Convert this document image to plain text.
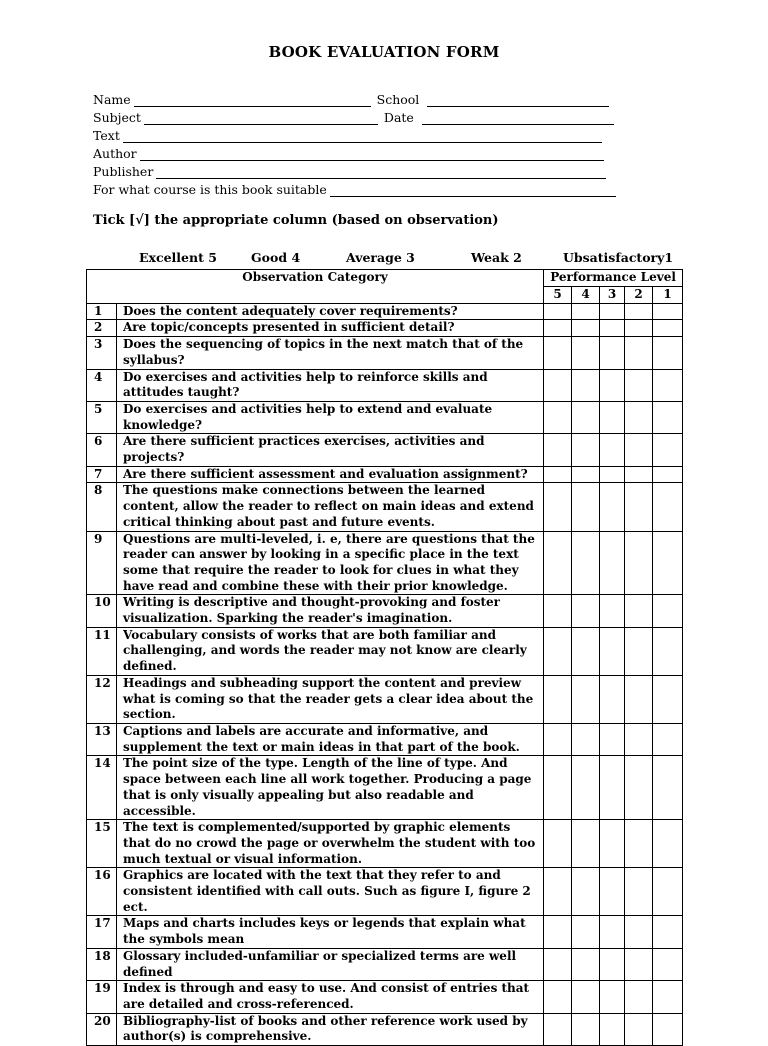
BOOK EVALUATION FORM
Name	School
Subject	Date
Text
Author
Publisher
For what course is this book suitable
Tick [√] the appropriate column (based on observation)
Excellent 5	Good 4	Average 3	Weak 2	Ubsatisfactory1
Observation Category		Performance Level				
		5	4	3	2	1
1	Does the content adequately cover requirements?					
2	Are topic/concepts presented in sufficient detail?					
3	Does the sequencing of topics in the next match that of the syllabus?					
4	Do exercises and activities help to reinforce skills and attitudes taught?					
5	Do exercises and activities help to extend and evaluate knowledge?					
6	Are there sufficient practices exercises, activities and projects?					
7	Are there sufficient assessment and evaluation assignment?					
8	The questions make connections between the learned content, allow the reader to reflect on main ideas and extend critical thinking about past and future events.					
9	Questions are multi-leveled, i. e, there are questions that the reader can answer by looking in a specific place in the text some that require the reader to look for clues in what they have read and combine these with their prior knowledge.					
10	Writing is descriptive and thought-provoking and foster visualization. Sparking the reader's imagination.					
11	Vocabulary consists of works that are both familiar and challenging, and words the reader may not know are clearly defined.					
12	Headings and subheading support the content and preview what is coming so that the reader gets a clear idea about the section.					
13	Captions and labels are accurate and informative, and supplement the text or main ideas in that part of the book.					
14	The point size of the type. Length of the line of type. And space between each line all work together. Producing a page that is only visually appealing but also readable and accessible.					
15	The text is complemented/supported by graphic elements that do no crowd the page or overwhelm the student with too much textual or visual information.					
16	Graphics are located with the text that they refer to and consistent identified with call outs. Such as figure I, figure 2 ect.					
17	Maps and charts includes keys or legends that explain what the symbols mean					
18	Glossary included-unfamiliar or specialized terms are well defined					
19	Index is through and easy to use. And consist of entries that are detailed and cross-referenced.					
20	Bibliography-list of books and other reference work used by author(s) is comprehensive.					
